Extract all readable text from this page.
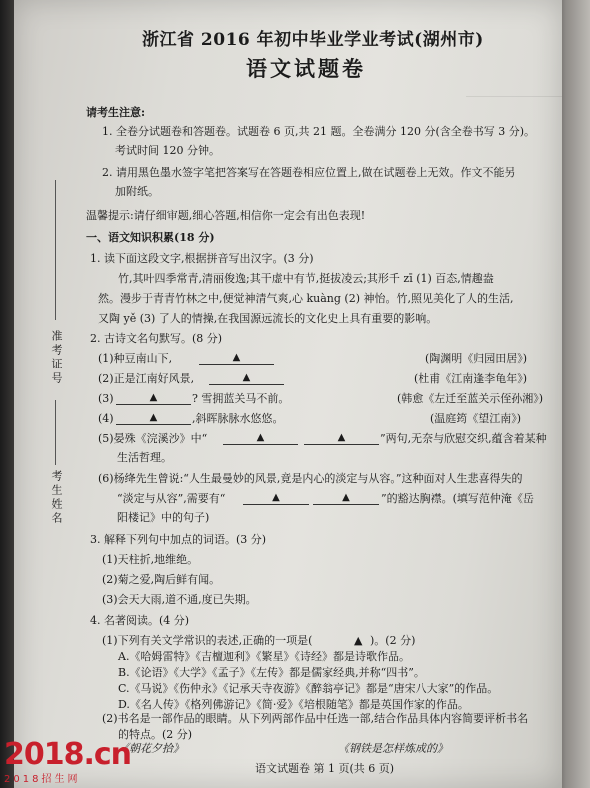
浙江省 2016 年初中毕业学业考试(湖州市)
语文试题卷
请考生注意:
1. 全卷分试题卷和答题卷。试题卷 6 页,共 21 题。全卷满分 120 分(含全卷书写 3 分)。
考试时间 120 分钟。
2. 请用黑色墨水签字笔把答案写在答题卷相应位置上,做在试题卷上无效。作文不能另
加附纸。
温馨提示:请仔细审题,细心答题,相信你一定会有出色表现!
准考证号
考生姓名
一、语文知识积累(18 分)
1. 读下面这段文字,根据拼音写出汉字。(3 分)
竹,其叶四季常青,清丽俊逸;其干虚中有节,挺拔凌云;其形千 zī (1) 百态,情趣盎
然。漫步于青青竹林之中,便觉神清气爽,心 kuàng (2) 神怡。竹,照见美化了人的生活,
又陶 yě (3) 了人的情操,在我国源远流长的文化史上具有重要的影响。
2. 古诗文名句默写。(8 分)
(1)种豆南山下,	▲	(陶渊明《归园田居》)
(2)正是江南好风景,	▲	(杜甫《江南逢李龟年》)
(3)	▲	? 雪拥蓝关马不前。	(韩愈《左迁至蓝关示侄孙湘》)
(4)	▲	,斜晖脉脉水悠悠。	(温庭筠《望江南》)
(5)晏殊《浣溪沙》中“	▲	▲	”两句,无奈与欣慰交织,蕴含着某种
生活哲理。
(6)杨绛先生曾说:“人生最曼妙的风景,竟是内心的淡定与从容。”这种面对人生悲喜得失的
“淡定与从容”,需要有“	▲	▲	”的豁达胸襟。(填写范仲淹《岳
阳楼记》中的句子)
3. 解释下列句中加点的词语。(3 分)
(1)天柱折,地维绝。
(2)菊之爱,陶后鲜有闻。
(3)会天大雨,道不通,度已失期。
4. 名著阅读。(4 分)
(1)下列有关文学常识的表述,正确的一项是(	▲ )。(2 分)
A.《哈姆雷特》《吉檀迦利》《繁星》《诗经》都是诗歌作品。
B.《论语》《大学》《孟子》《左传》都是儒家经典,并称“四书”。
C.《马说》《伤仲永》《记承天寺夜游》《醉翁亭记》都是“唐宋八大家”的作品。
D.《名人传》《格列佛游记》《简·爱》《培根随笔》都是英国作家的作品。
(2)书名是一部作品的眼睛。从下列两部作品中任选一部,结合作品具体内容简要评析书名
的特点。(2 分)
《朝花夕拾》	《钢铁是怎样炼成的》
语文试题卷 第 1 页(共 6 页)
2018.cn
2018招生网
